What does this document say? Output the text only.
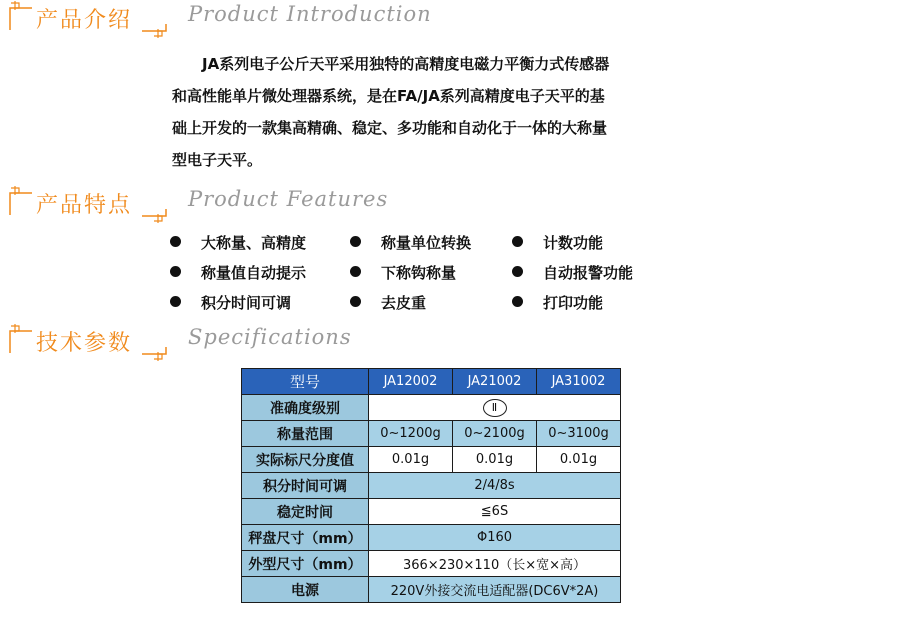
产品介绍	Product Introduction

JA系列电子公斤天平采用独特的高精度电磁力平衡力式传感器

和高性能单片微处理器系统，是在FA/JA系列高精度电子天平的基
础上开发的一款集高精确、稳定、多功能和自动化于一体的大称量
型电子天平。
产品特点	Product Features
大称量、高精度	称量单位转换	计数功能
称量值自动提示	下称钩称量	自动报警功能
积分时间可调	去皮重	打印功能
技术参数	Specifications
型号	JA12002	JA21002	JA31002
准确度级别	Ⅱ		
称量范围	0~1200g	0~2100g	0~3100g
实际标尺分度值	0.01g	0.01g	0.01g
积分时间可调	2/4/8s		
稳定时间	≦6S		
秤盘尺寸（mm）	Φ160		
外型尺寸（mm）	366×230×110（长×宽×高）		
电源	220V外接交流电适配器(DC6V*2A)		
